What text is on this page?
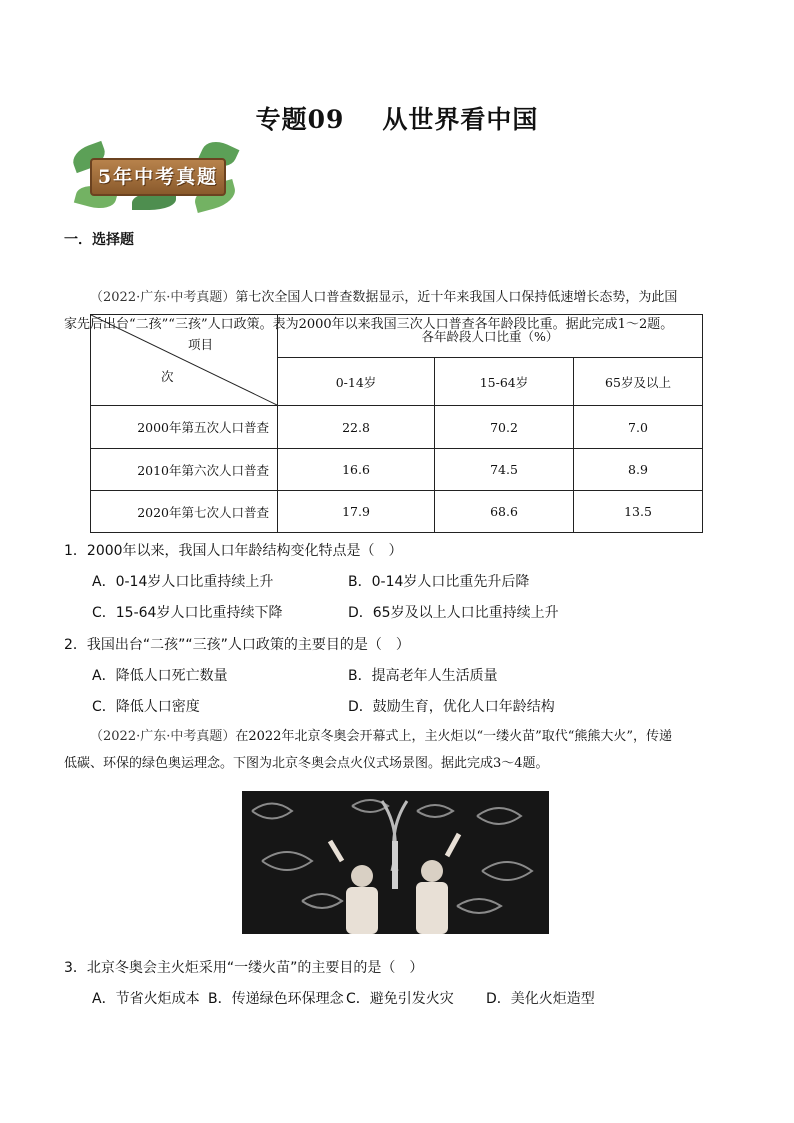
专题09 从世界看中国
5年中考真题
一．选择题
（2022·广东·中考真题）第七次全国人口普查数据显示，近十年来我国人口保持低速增长态势，为此国
家先后出台“二孩”“三孩”人口政策。表为2000年以来我国三次人口普查各年龄段比重。据此完成1～2题。
项目
次	各年龄段人口比重（%）		
	0-14岁	15-64岁	65岁及以上
2000年第五次人口普查	22.8	70.2	7.0
2010年第六次人口普查	16.6	74.5	8.9
2020年第七次人口普查	17.9	68.6	13.5
1．2000年以来，我国人口年龄结构变化特点是（　）
A．0-14岁人口比重持续上升	B．0-14岁人口比重先升后降
C．15-64岁人口比重持续下降	D．65岁及以上人口比重持续上升
2．我国出台“二孩”“三孩”人口政策的主要目的是（　）
A．降低人口死亡数量	B．提高老年人生活质量
C．降低人口密度	D．鼓励生育，优化人口年龄结构
（2022·广东·中考真题）在2022年北京冬奥会开幕式上，主火炬以“一缕火苗”取代“熊熊大火”，传递
低碳、环保的绿色奥运理念。下图为北京冬奥会点火仪式场景图。据此完成3～4题。
3．北京冬奥会主火炬采用“一缕火苗”的主要目的是（　）
A．节省火炬成本 B．传递绿色环保理念 C．避免引发火灾 D．美化火炬造型
